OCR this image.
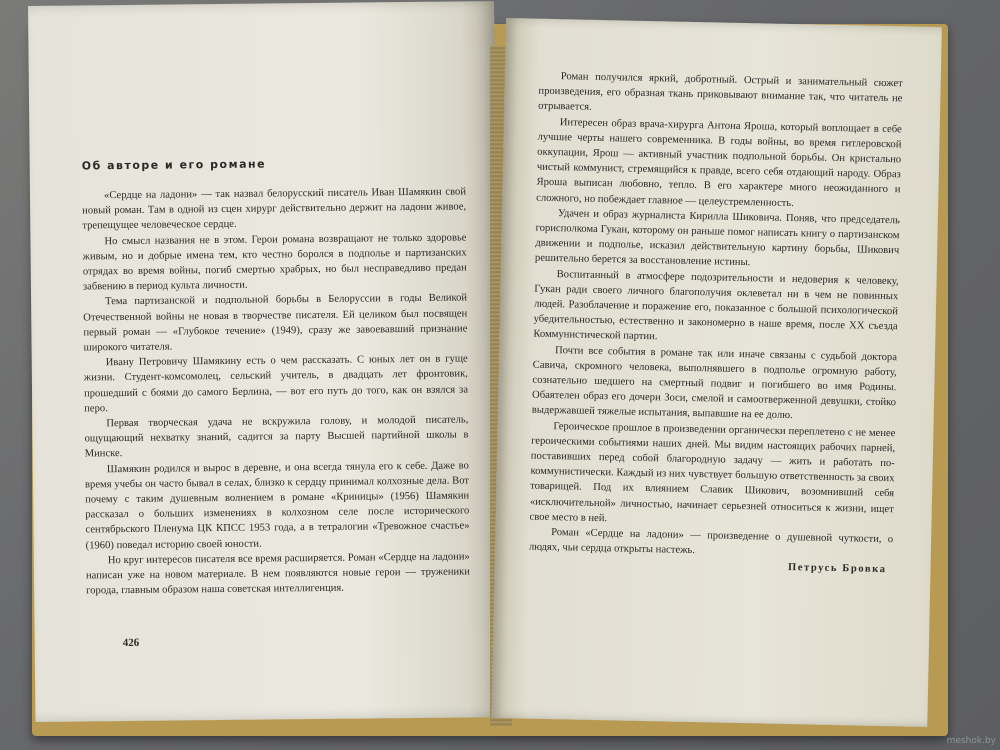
Об авторе и его романе

«Сердце на ладони» — так назвал белорусский писатель Иван Шамякин свой новый роман. Там в одной из сцен хирург действительно держит на ладони живое, трепещущее человеческое сердце.

Но смысл названия не в этом. Герои романа возвращают не только здоровье живым, но и добрые имена тем, кто честно боролся в подполье и партизанских отрядах во время войны, погиб смертью храбрых, но был несправедливо предан забвению в период культа личности.

Тема партизанской и подпольной борьбы в Белоруссии в годы Великой Отечественной войны не новая в творчестве писателя. Ей целиком был посвящен первый роман — «Глубокое течение» (1949), сразу же завоевавший признание широкого читателя.

Ивану Петровичу Шамякину есть о чем рассказать. С юных лет он в гуще жизни. Студент-комсомолец, сельский учитель, в двадцать лет фронтовик, прошедший с боями до самого Берлина, — вот его путь до того, как он взялся за перо.

Первая творческая удача не вскружила голову, и молодой писатель, ощущающий нехватку знаний, садится за парту Высшей партийной школы в Минске.

Шамякин родился и вырос в деревне, и она всегда тянула его к себе. Даже во время учебы он часто бывал в селах, близко к сердцу принимал колхозные дела. Вот почему с таким душевным волнением в романе «Криницы» (1956) Шамякин рассказал о больших изменениях в колхозном селе после исторического сентябрьского Пленума ЦК КПСС 1953 года, а в тетралогии «Тревожное счастье» (1960) поведал историю своей юности.

Но круг интересов писателя все время расширяется. Роман «Сердце на ладони» написан уже на новом материале. В нем появляются новые герои — труженики города, главным образом наша советская интеллигенция.

426

Роман получился яркий, добротный. Острый и занимательный сюжет произведения, его образная ткань приковывают внимание так, что читатель не отрывается.

Интересен образ врача-хирурга Антона Яроша, который воплощает в себе лучшие черты нашего современника. В годы войны, во время гитлеровской оккупации, Ярош — активный участник подпольной борьбы. Он кристально чистый коммунист, стремящийся к правде, всего себя отдающий народу. Образ Яроша выписан любовно, тепло. В его характере много неожиданного и сложного, но побеждает главное — целеустремленность.

Удачен и образ журналиста Кирилла Шиковича. Поняв, что председатель горисполкома Гукан, которому он раньше помог написать книгу о партизанском движении и подполье, исказил действительную картину борьбы, Шикович решительно берется за восстановление истины.

Воспитанный в атмосфере подозрительности и недоверия к человеку, Гукан ради своего личного благополучия оклеветал ни в чем не повинных людей. Разоблачение и поражение его, показанное с большой психологической убедительностью, естественно и закономерно в наше время, после XX съезда Коммунистической партии.

Почти все события в романе так или иначе связаны с судьбой доктора Савича, скромного человека, выполнявшего в подполье огромную работу, сознательно шедшего на смертный подвиг и погибшего во имя Родины. Обаятелен образ его дочери Зоси, смелой и самоотверженной девушки, стойко выдержавшей тяжелые испытания, выпавшие на ее долю.

Героическое прошлое в произведении органически переплетено с не менее героическими событиями наших дней. Мы видим настоящих рабочих парней, поставивших перед собой благородную задачу — жить и работать по-коммунистически. Каждый из них чувствует большую ответственность за своих товарищей. Под их влиянием Славик Шикович, возомнивший себя «исключительной» личностью, начинает серьезней относиться к жизни, ищет свое место в ней.

Роман «Сердце на ладони» — произведение о душевной чуткости, о людях, чьи сердца открыты настежь.

Петрусь Бровка
meshok.by
